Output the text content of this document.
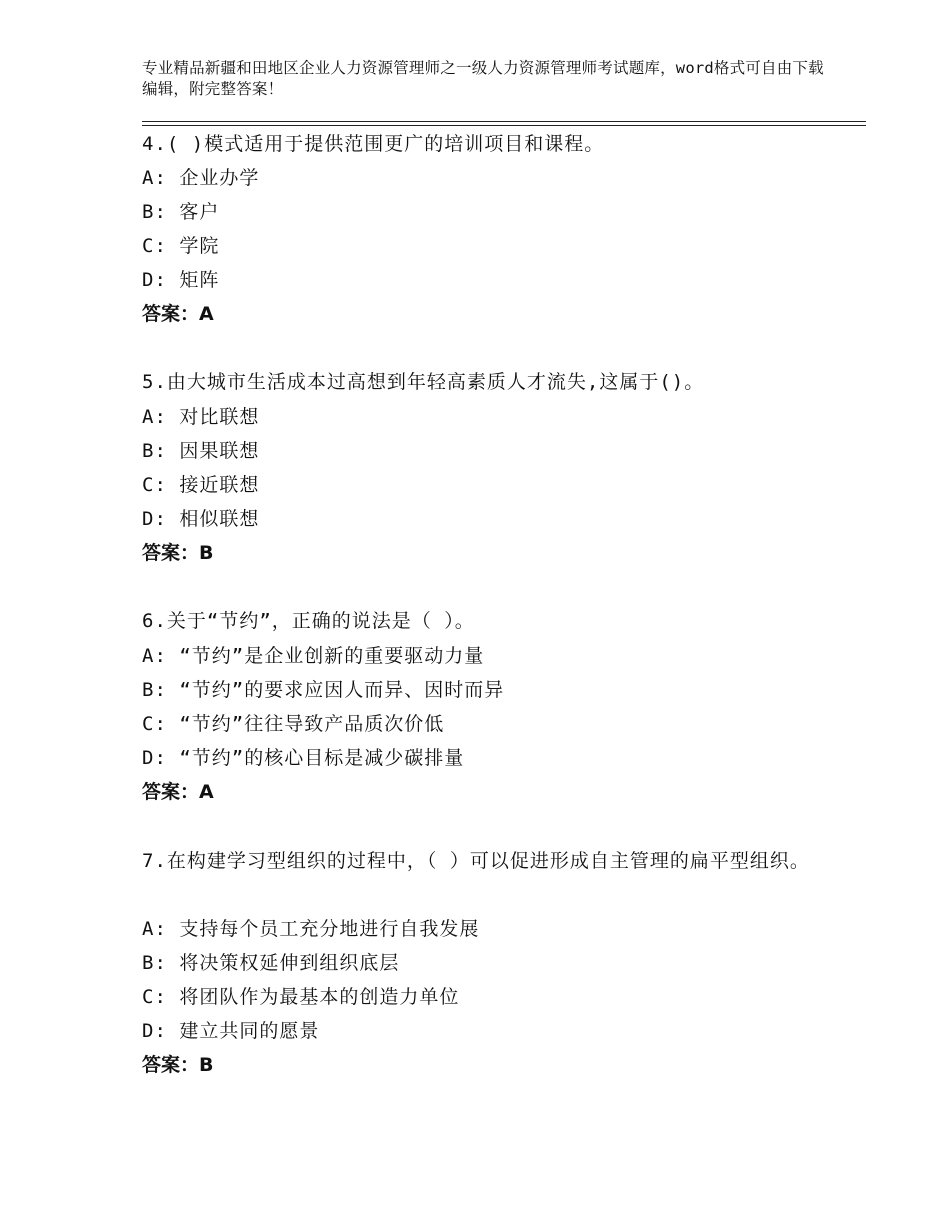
专业精品新疆和田地区企业人力资源管理师之一级人力资源管理师考试题库，word格式可自由下载编辑，附完整答案！
4.( )模式适用于提供范围更广的培训项目和课程。
A: 企业办学
B: 客户
C: 学院
D: 矩阵
答案：A
5.由大城市生活成本过高想到年轻高素质人才流失,这属于()。
A: 对比联想
B: 因果联想
C: 接近联想
D: 相似联想
答案：B
6.关于“节约”，正确的说法是（ ）。
A: “节约”是企业创新的重要驱动力量
B: “节约”的要求应因人而异、因时而异
C: “节约”往往导致产品质次价低
D: “节约”的核心目标是减少碳排量
答案：A
7.在构建学习型组织的过程中，（ ）可以促进形成自主管理的扁平型组织。
A: 支持每个员工充分地进行自我发展
B: 将决策权延伸到组织底层
C: 将团队作为最基本的创造力单位
D: 建立共同的愿景
答案：B
